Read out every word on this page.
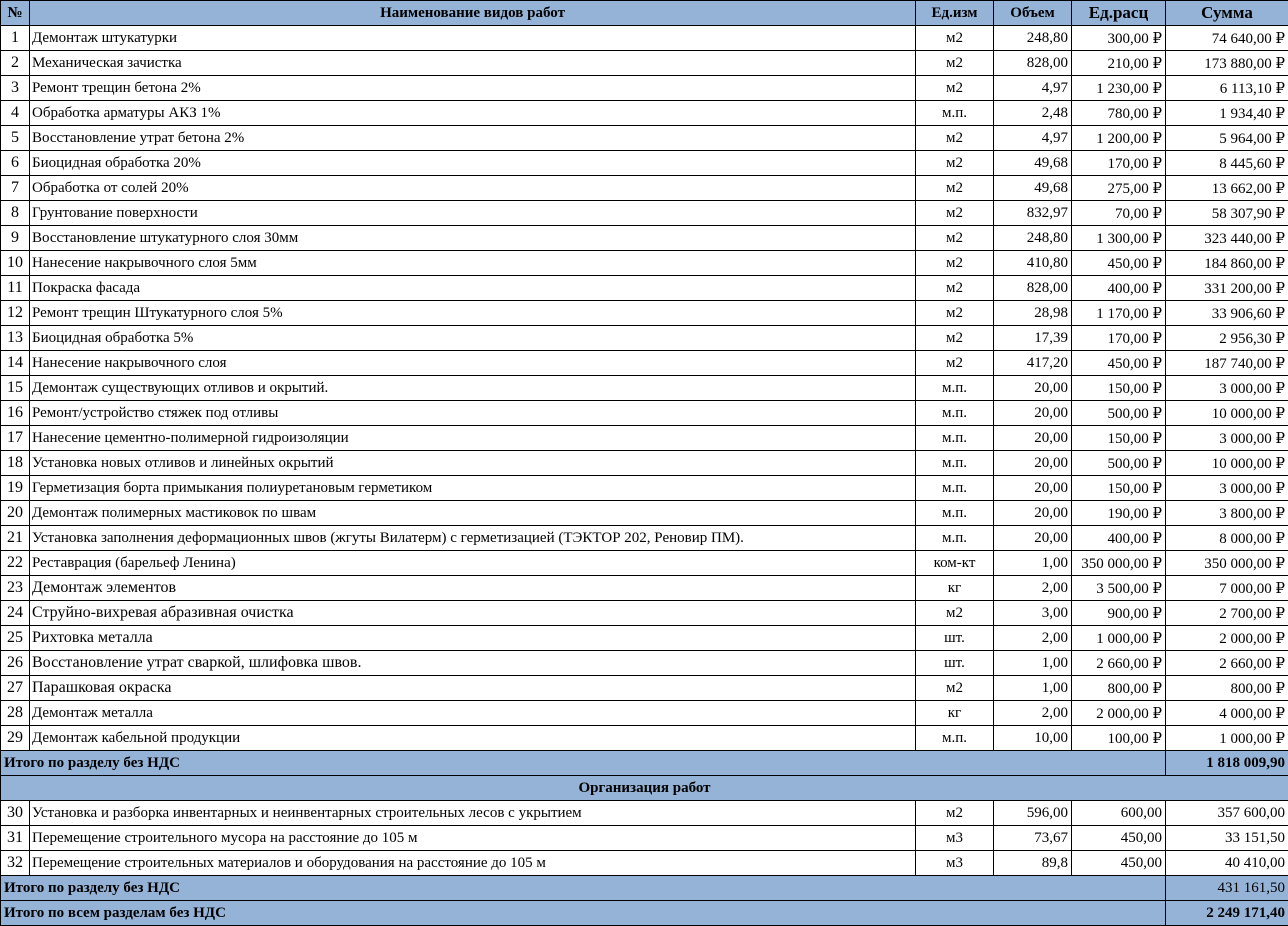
№	Наименование видов работ	Ед.изм	Объем	Ед.расц	Сумма
1	Демонтаж штукатурки	м2	248,80	300,00 ₽	74 640,00 ₽
2	Механическая зачистка	м2	828,00	210,00 ₽	173 880,00 ₽
3	Ремонт трещин бетона 2%	м2	4,97	1 230,00 ₽	6 113,10 ₽
4	Обработка арматуры АКЗ 1%	м.п.	2,48	780,00 ₽	1 934,40 ₽
5	Восстановление утрат бетона 2%	м2	4,97	1 200,00 ₽	5 964,00 ₽
6	Биоцидная обработка 20%	м2	49,68	170,00 ₽	8 445,60 ₽
7	Обработка от солей 20%	м2	49,68	275,00 ₽	13 662,00 ₽
8	Грунтование поверхности	м2	832,97	70,00 ₽	58 307,90 ₽
9	Восстановление штукатурного слоя 30мм	м2	248,80	1 300,00 ₽	323 440,00 ₽
10	Нанесение накрывочного слоя 5мм	м2	410,80	450,00 ₽	184 860,00 ₽
11	Покраска фасада	м2	828,00	400,00 ₽	331 200,00 ₽
12	Ремонт трещин Штукатурного слоя 5%	м2	28,98	1 170,00 ₽	33 906,60 ₽
13	Биоцидная обработка 5%	м2	17,39	170,00 ₽	2 956,30 ₽
14	Нанесение накрывочного слоя	м2	417,20	450,00 ₽	187 740,00 ₽
15	Демонтаж существующих отливов и окрытий.	м.п.	20,00	150,00 ₽	3 000,00 ₽
16	Ремонт/устройство стяжек под отливы	м.п.	20,00	500,00 ₽	10 000,00 ₽
17	Нанесение цементно-полимерной гидроизоляции	м.п.	20,00	150,00 ₽	3 000,00 ₽
18	Установка новых отливов и линейных окрытий	м.п.	20,00	500,00 ₽	10 000,00 ₽
19	Герметизация борта примыкания полиуретановым герметиком	м.п.	20,00	150,00 ₽	3 000,00 ₽
20	Демонтаж полимерных мастиковок по швам	м.п.	20,00	190,00 ₽	3 800,00 ₽
21	Установка заполнения деформационных швов (жгуты Вилатерм) с герметизацией (ТЭКТОР 202, Реновир ПМ).	м.п.	20,00	400,00 ₽	8 000,00 ₽
22	Реставрация (барельеф Ленина)	ком-кт	1,00	350 000,00 ₽	350 000,00 ₽
23	Демонтаж элементов	кг	2,00	3 500,00 ₽	7 000,00 ₽
24	Струйно-вихревая абразивная очистка	м2	3,00	900,00 ₽	2 700,00 ₽
25	Рихтовка металла	шт.	2,00	1 000,00 ₽	2 000,00 ₽
26	Восстановление утрат сваркой, шлифовка швов.	шт.	1,00	2 660,00 ₽	2 660,00 ₽
27	Парашковая окраска	м2	1,00	800,00 ₽	800,00 ₽
28	Демонтаж металла	кг	2,00	2 000,00 ₽	4 000,00 ₽
29	Демонтаж кабельной продукции	м.п.	10,00	100,00 ₽	1 000,00 ₽
Итого по разделу без НДС					1 818 009,90
Организация работ					
30	Установка и разборка инвентарных и неинвентарных строительных лесов с укрытием	м2	596,00	600,00	357 600,00
31	Перемещение строительного мусора на расстояние до 105 м	м3	73,67	450,00	33 151,50
32	Перемещение строительных материалов и оборудования на расстояние до 105 м	м3	89,8	450,00	40 410,00
Итого по разделу без НДС					431 161,50
Итого по всем разделам без НДС					2 249 171,40
